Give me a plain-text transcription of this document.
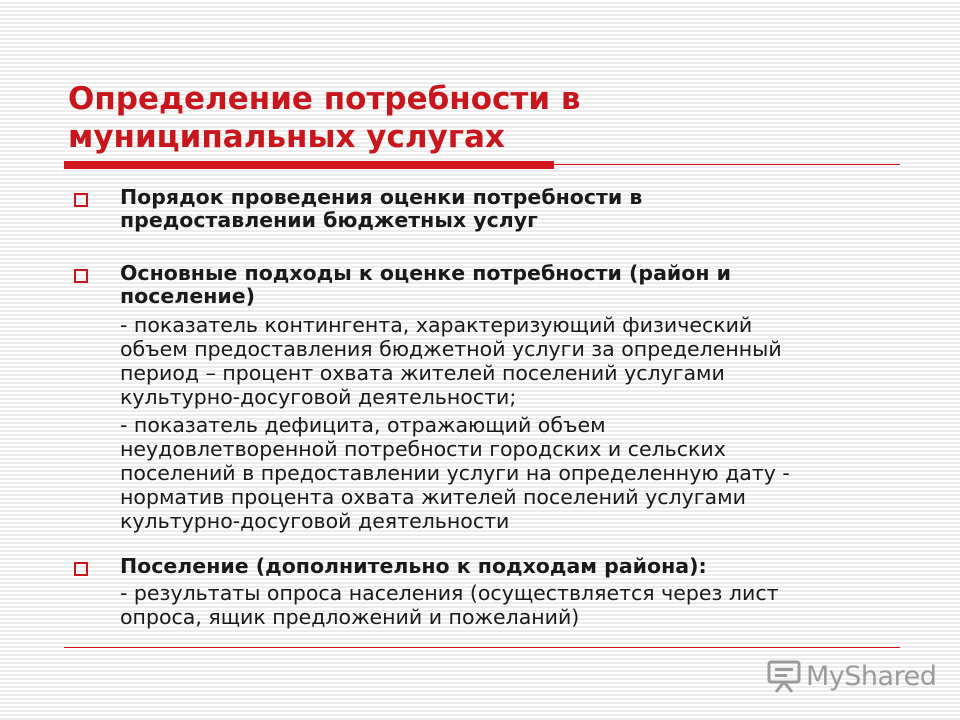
Определение потребности в
муниципальных услугах
Порядок проведения оценки потребности в
предоставлении бюджетных услуг
Основные подходы к оценке потребности (район и
поселение)
- показатель контингента, характеризующий физический
объем предоставления бюджетной услуги за определенный
период – процент охвата жителей поселений услугами
культурно-досуговой деятельности;
- показатель дефицита, отражающий объем
неудовлетворенной потребности городских и сельских
поселений в предоставлении услуги на определенную дату -
норматив процента охвата жителей поселений услугами
культурно-досуговой деятельности
Поселение (дополнительно к подходам района):
- результаты опроса населения (осуществляется через лист
опроса, ящик предложений и пожеланий)
MyShared
